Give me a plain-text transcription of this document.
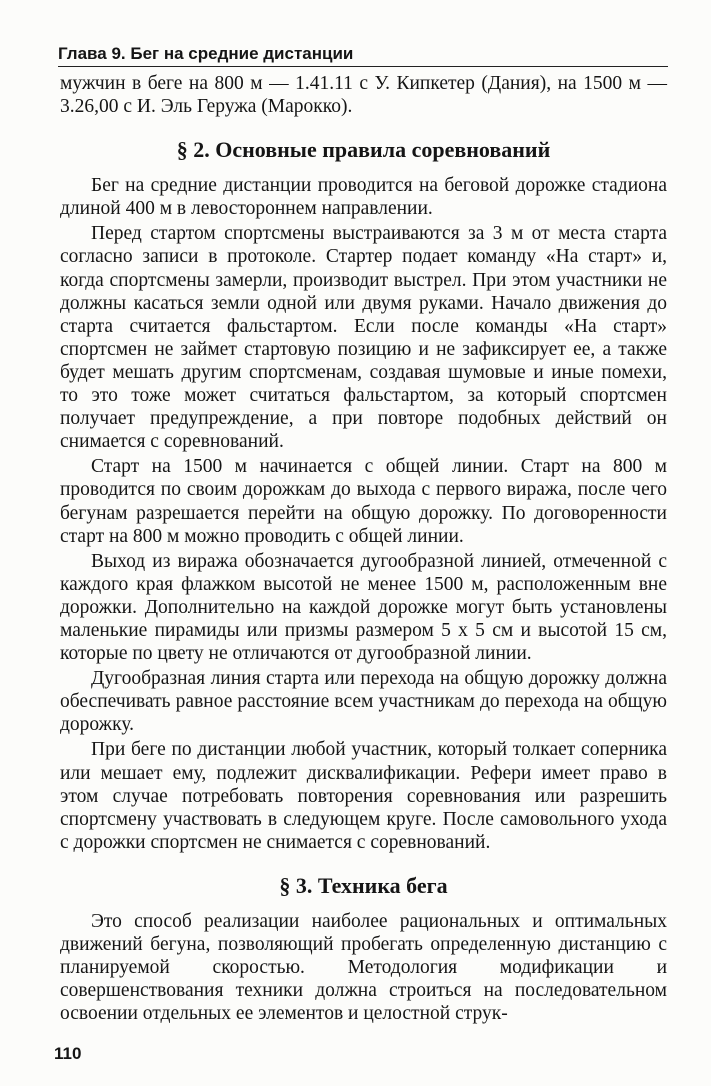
Глава 9. Бег на средние дистанции

мужчин в беге на 800 м — 1.41.11 с У. Кипкетер (Дания), на 1500 м — 3.26,00 с И. Эль Геружа (Марокко).

§ 2. Основные правила соревнований

Бег на средние дистанции проводится на беговой дорожке стадиона длиной 400 м в левостороннем направлении.

Перед стартом спортсмены выстраиваются за 3 м от места старта согласно записи в протоколе. Стартер подает команду «На старт» и, когда спортсмены замерли, производит выстрел. При этом участники не должны касаться земли одной или двумя руками. Начало движения до старта считается фальстартом. Если после команды «На старт» спортсмен не займет стартовую позицию и не зафиксирует ее, а также будет мешать другим спортсменам, создавая шумовые и иные помехи, то это тоже может считаться фальстартом, за который спортсмен получает предупреждение, а при повторе подобных действий он снимается с соревнований.

Старт на 1500 м начинается с общей линии. Старт на 800 м проводится по своим дорожкам до выхода с первого виража, после чего бегунам разрешается перейти на общую дорожку. По договоренности старт на 800 м можно проводить с общей линии.

Выход из виража обозначается дугообразной линией, отмеченной с каждого края флажком высотой не менее 1500 м, расположенным вне дорожки. Дополнительно на каждой дорожке могут быть установлены маленькие пирамиды или призмы размером 5 х 5 см и высотой 15 см, которые по цвету не отличаются от дугообразной линии.

Дугообразная линия старта или перехода на общую дорожку должна обеспечивать равное расстояние всем участникам до перехода на общую дорожку.

При беге по дистанции любой участник, который толкает соперника или мешает ему, подлежит дисквалификации. Рефери имеет право в этом случае потребовать повторения соревнования или разрешить спортсмену участвовать в следующем круге. После самовольного ухода с дорожки спортсмен не снимается с соревнований.

§ 3. Техника бега

Это способ реализации наиболее рациональных и оптимальных движений бегуна, позволяющий пробегать определенную дистанцию с планируемой скоростью. Методология модификации и совершенствования техники должна строиться на последовательном освоении отдельных ее элементов и целостной струк-

110
